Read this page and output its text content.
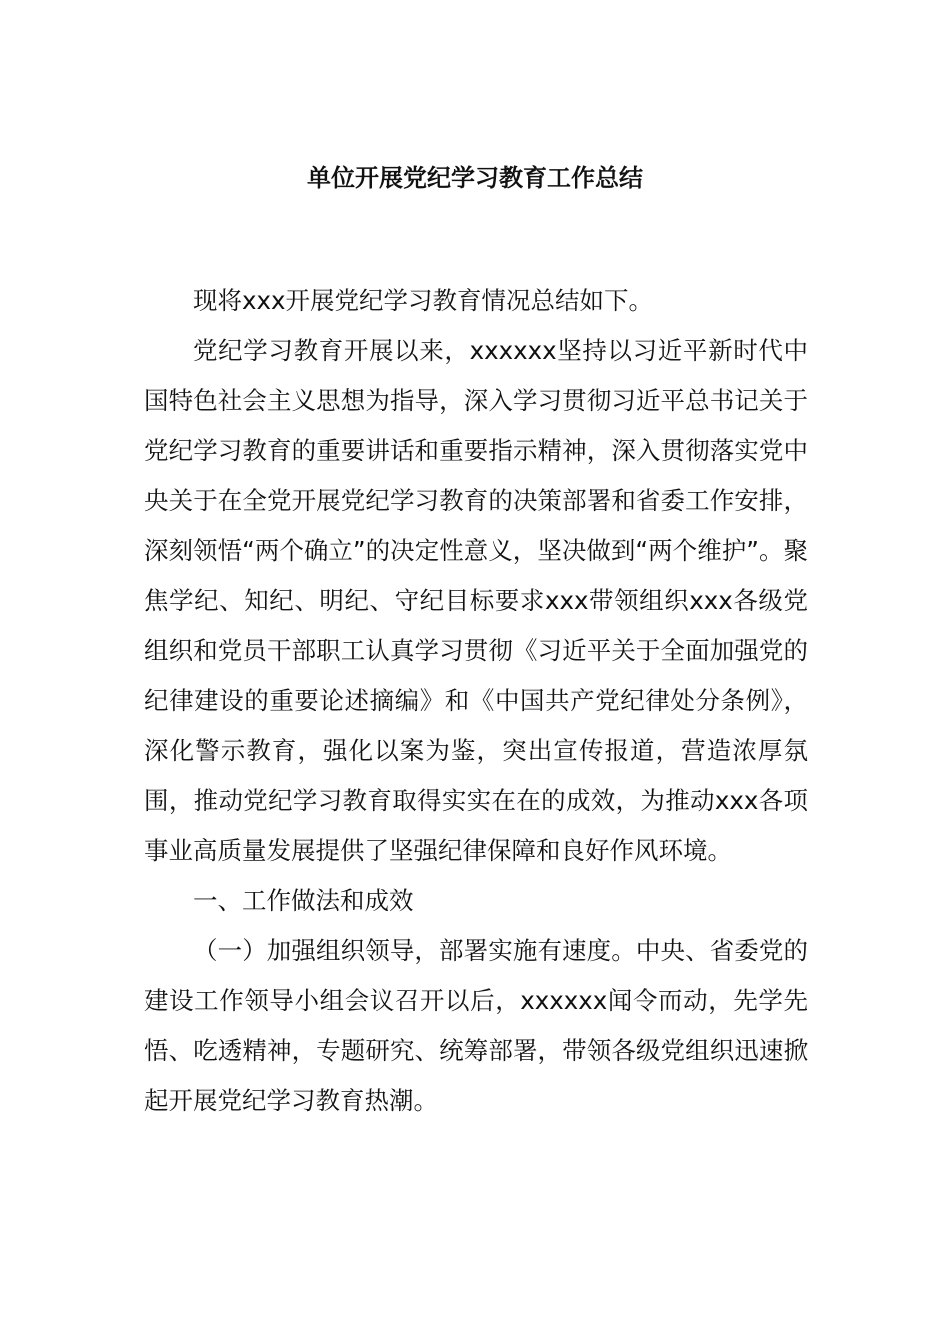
单位开展党纪学习教育工作总结

现将xxx开展党纪学习教育情况总结如下。

党纪学习教育开展以来，xxxxxx坚持以习近平新时代中国特色社会主义思想为指导，深入学习贯彻习近平总书记关于党纪学习教育的重要讲话和重要指示精神，深入贯彻落实党中央关于在全党开展党纪学习教育的决策部署和省委工作安排，深刻领悟“两个确立”的决定性意义，坚决做到“两个维护”。聚焦学纪、知纪、明纪、守纪目标要求xxx带领组织xxx各级党组织和党员干部职工认真学习贯彻《习近平关于全面加强党的纪律建设的重要论述摘编》和《中国共产党纪律处分条例》，深化警示教育，强化以案为鉴，突出宣传报道，营造浓厚氛围，推动党纪学习教育取得实实在在的成效，为推动xxx各项事业高质量发展提供了坚强纪律保障和良好作风环境。

一、工作做法和成效

（一）加强组织领导，部署实施有速度。中央、省委党的建设工作领导小组会议召开以后，xxxxxx闻令而动，先学先悟、吃透精神，专题研究、统筹部署，带领各级党组织迅速掀起开展党纪学习教育热潮。
